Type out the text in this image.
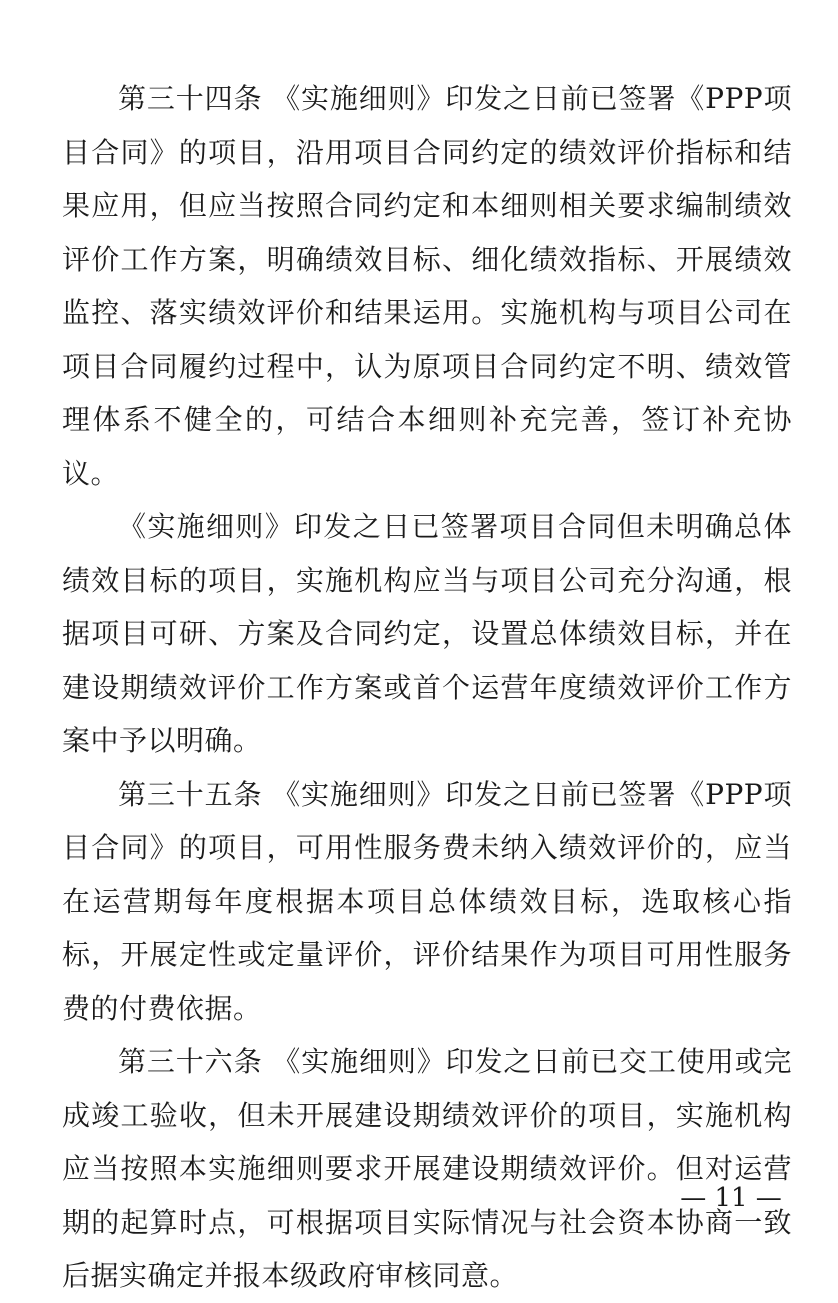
第三十四条 《实施细则》印发之日前已签署《PPP项目合同》的项目，沿用项目合同约定的绩效评价指标和结果应用，但应当按照合同约定和本细则相关要求编制绩效评价工作方案，明确绩效目标、细化绩效指标、开展绩效监控、落实绩效评价和结果运用。实施机构与项目公司在项目合同履约过程中，认为原项目合同约定不明、绩效管理体系不健全的，可结合本细则补充完善，签订补充协议。

《实施细则》印发之日已签署项目合同但未明确总体绩效目标的项目，实施机构应当与项目公司充分沟通，根据项目可研、方案及合同约定，设置总体绩效目标，并在建设期绩效评价工作方案或首个运营年度绩效评价工作方案中予以明确。

第三十五条 《实施细则》印发之日前已签署《PPP项目合同》的项目，可用性服务费未纳入绩效评价的，应当在运营期每年度根据本项目总体绩效目标，选取核心指标，开展定性或定量评价，评价结果作为项目可用性服务费的付费依据。

第三十六条 《实施细则》印发之日前已交工使用或完成竣工验收，但未开展建设期绩效评价的项目，实施机构应当按照本实施细则要求开展建设期绩效评价。但对运营期的起算时点，可根据项目实际情况与社会资本协商一致后据实确定并报本级政府审核同意。

— 11 —
